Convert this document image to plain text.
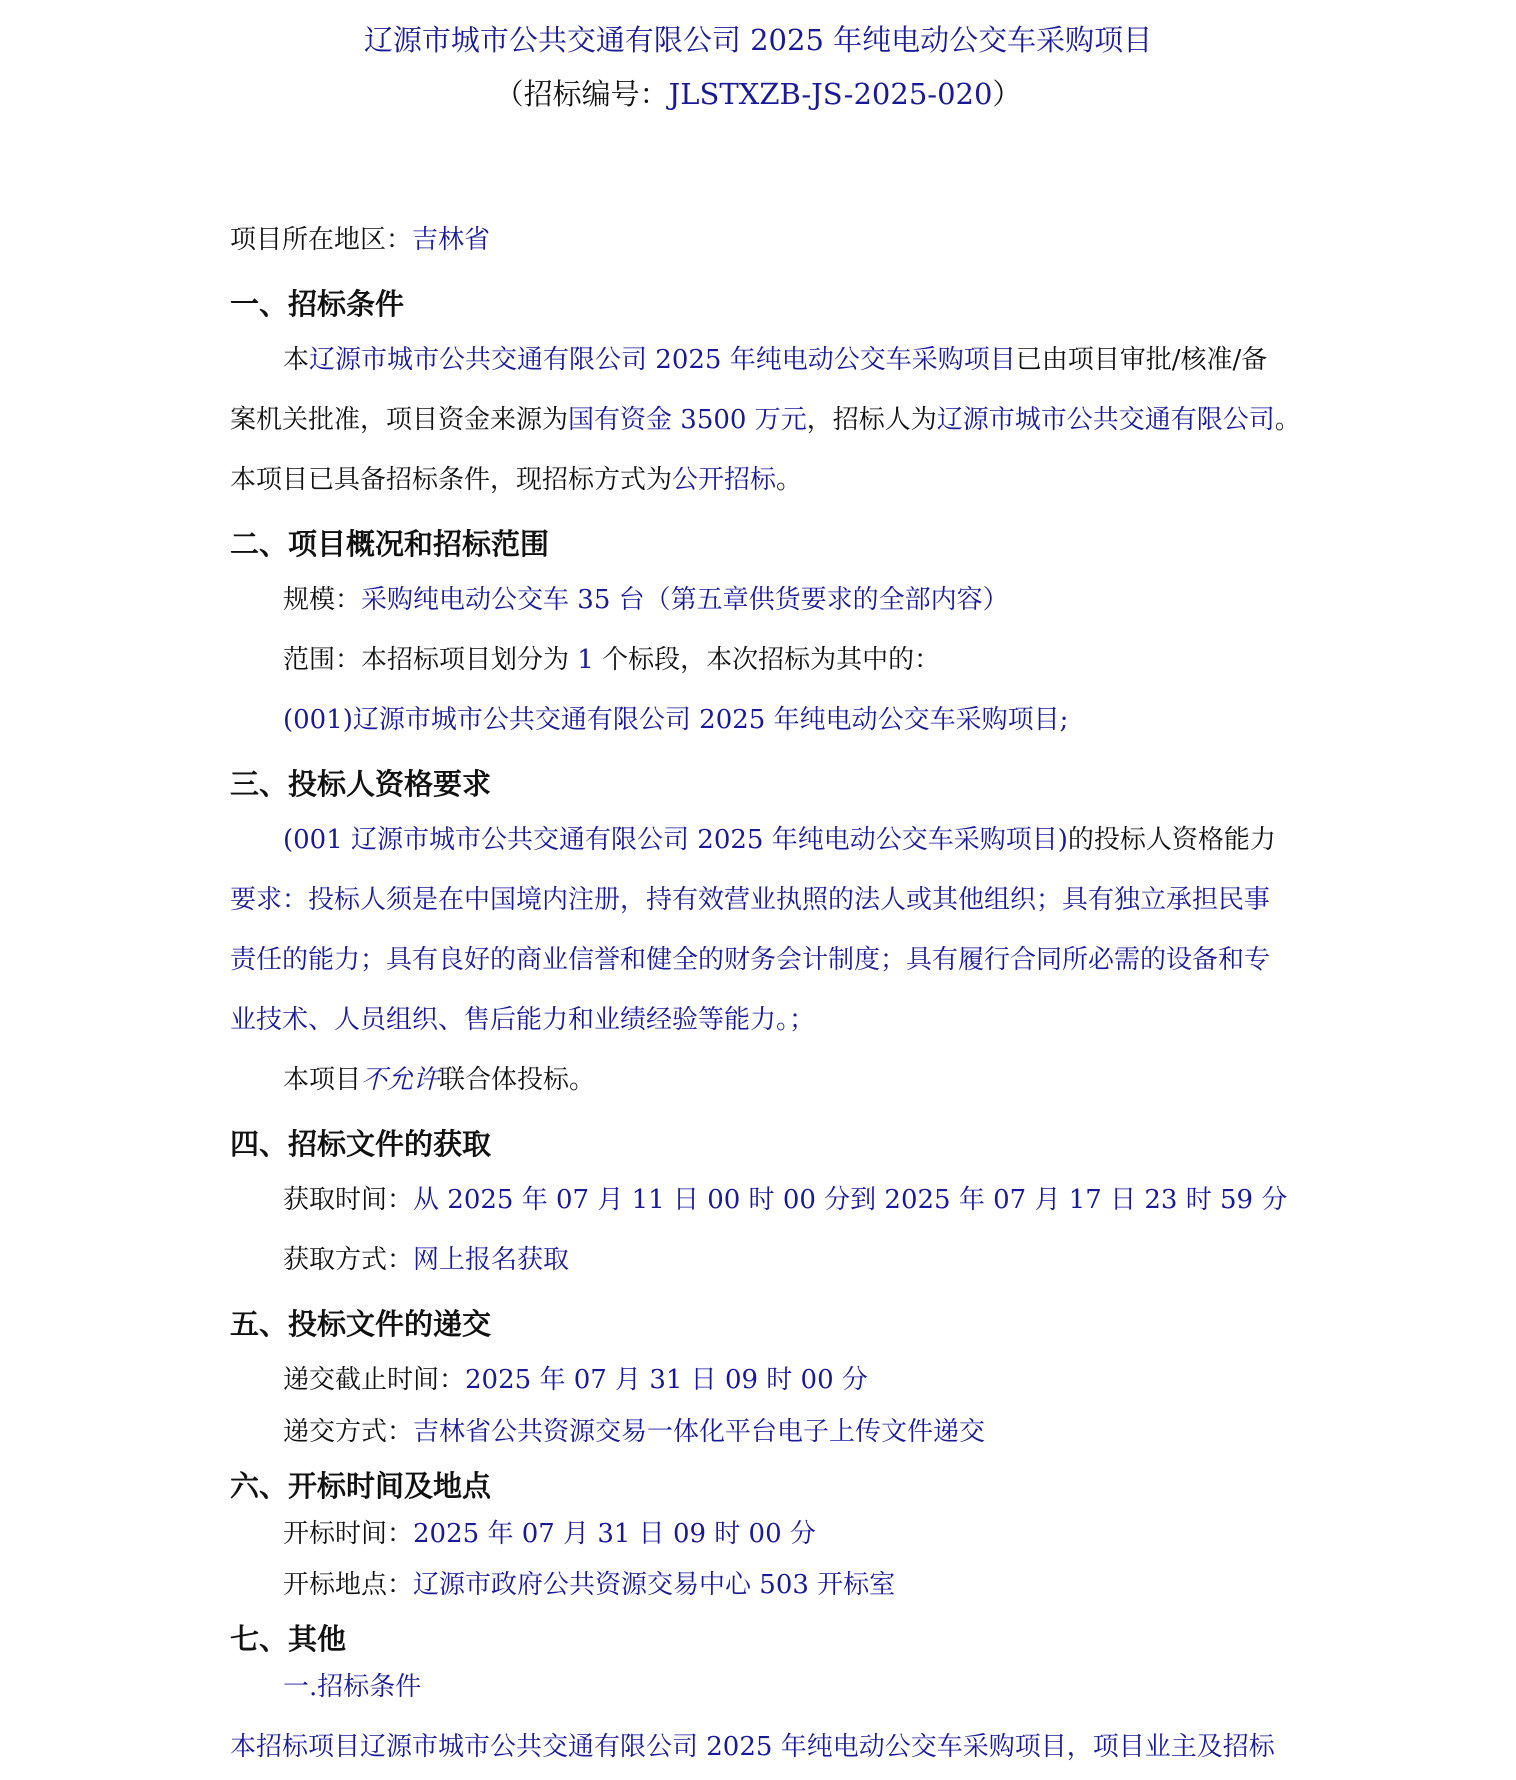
辽源市城市公共交通有限公司 2025 年纯电动公交车采购项目
（招标编号：JLSTXZB-JS-2025-020）
项目所在地区：吉林省
一、招标条件
本辽源市城市公共交通有限公司 2025 年纯电动公交车采购项目已由项目审批/核准/备
案机关批准，项目资金来源为国有资金 3500 万元，招标人为辽源市城市公共交通有限公司。
本项目已具备招标条件，现招标方式为公开招标。
二、项目概况和招标范围
规模：采购纯电动公交车 35 台（第五章供货要求的全部内容）
范围：本招标项目划分为 1 个标段，本次招标为其中的：
(001)辽源市城市公共交通有限公司 2025 年纯电动公交车采购项目;
三、投标人资格要求
(001 辽源市城市公共交通有限公司 2025 年纯电动公交车采购项目)的投标人资格能力
要求：投标人须是在中国境内注册，持有效营业执照的法人或其他组织；具有独立承担民事
责任的能力；具有良好的商业信誉和健全的财务会计制度；具有履行合同所必需的设备和专
业技术、人员组织、售后能力和业绩经验等能力。；
本项目不允许联合体投标。
四、招标文件的获取
获取时间：从 2025 年 07 月 11 日 00 时 00 分到 2025 年 07 月 17 日 23 时 59 分
获取方式：网上报名获取
五、投标文件的递交
递交截止时间：2025 年 07 月 31 日 09 时 00 分
递交方式：吉林省公共资源交易一体化平台电子上传文件递交
六、开标时间及地点
开标时间：2025 年 07 月 31 日 09 时 00 分
开标地点：辽源市政府公共资源交易中心 503 开标室
七、其他
一.招标条件
本招标项目辽源市城市公共交通有限公司 2025 年纯电动公交车采购项目，项目业主及招标
